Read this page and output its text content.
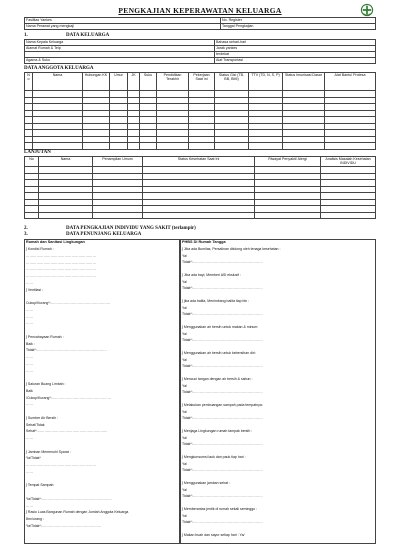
PENGKAJIAN KEPERAWATAN KELUARGA
Fasilitas Yankes	No. Register
Nama Perawat yang mengkaji	Tanggal Pengkajian
1.	DATA KELUARGA
Nama Kepala Keluarga	Bahasa sehari-hari
Alamat Rumah & Telp	Jarak yankes
	terdekat
Agama & Suku	Alat Transportasi
DATA ANGGOTA KELUARGA
N o	Nama	Hubungan KK	Umur	JK	Suku	Pendidikan Terakhir	Pekerjaan Saat ini	Status Gizi (TB, BB, BMI)	TTV (TD, N, S, P)	Status Imunisasi Dasar	Alat Bantu/ Protesa

LANJUTAN
No	Nama	Penampilan Umum	Status Kesehatan Saat Ini	Riwayat Penyakit/ Alergi	Analisis Masalah Kesehatan INDIVIDU

2.	DATA PENGKAJIAN INDIVIDU YANG SAKIT (terlampir)
3.	DATA PENUNJANG KELUARGA
Rumah dan Sanitasi Lingkungan	PHBS Di Rumah Tangga
∫ Kondisi Rumah :
……………………………………………………
……………………………………………………
……………………………………………………
……………………………………………………
……
∫ Ventilasi :
Cukup/Kurang*:……………………………………………
……
……
……
∫ Pencahayaan Rumah :
Baik :
Tidak*:……………………………………………………
……
……
……
∫ Saluran Buang Limbah :
Baik
/Cukup/Kurang*:……………………………………………
……
∫ Sumber Air Bersih :
Sehat/Tidak
Sehat*:……………………………………………………
……
∫ Jamban Memenuhi Syarat :
Ya/Tidak*
……………………………………………………
……
∫ Tempat Sampah:
Ya/Tidak*:……………………………………………………
……
∫ Rasio Luas Bangunan Rumah dengan Jumlah Anggota Keluarga
8m²/orang :
Ya/Tidak*:……………………………………………
∫ Jika ada Bumilas, Persalinan ditolong oleh tenaga kesehatan :
Ya/
Tidak*:……………………………………………………
∫ Jika ada bayi, Memberi ASI ekslusif :
Ya/
Tidak*:……………………………………………………
∫ jika ada balita, Menimbang balita tiap bln :
Ya/
Tidak*:……………………………………………………
∫ Menggunakan air bersih untuk makan & minum:
Ya/
Tidak*:……………………………………………………
∫ Menggunakan air bersih untuk kebersihan diri:
Ya/
Tidak*:……………………………………………………
∫ Mencuci tangan dengan air bersih & sabun :
Ya/
Tidak*:……………………………………………………
∫ Melakukan pembuangan sampah pada tempatnya:
Ya/
Tidak*:……………………………………………………
∫ Menjaga Lingkungan rumah tampak bersih :
Ya/
Tidak*:……………………………………………………
∫ Mengkonsumsi lauk dan pauk tiap hari :
Ya/
Tidak*:……………………………………………………
∫ Menggunakan jamban sehat :
Ya/
Tidak*:……………………………………………………
∫ Memberantas jentik di rumah sekali seminggu :
Ya/
Tidak*:……………………………………………………
∫ Makan buah dan sayur setiap hari : Ya/
